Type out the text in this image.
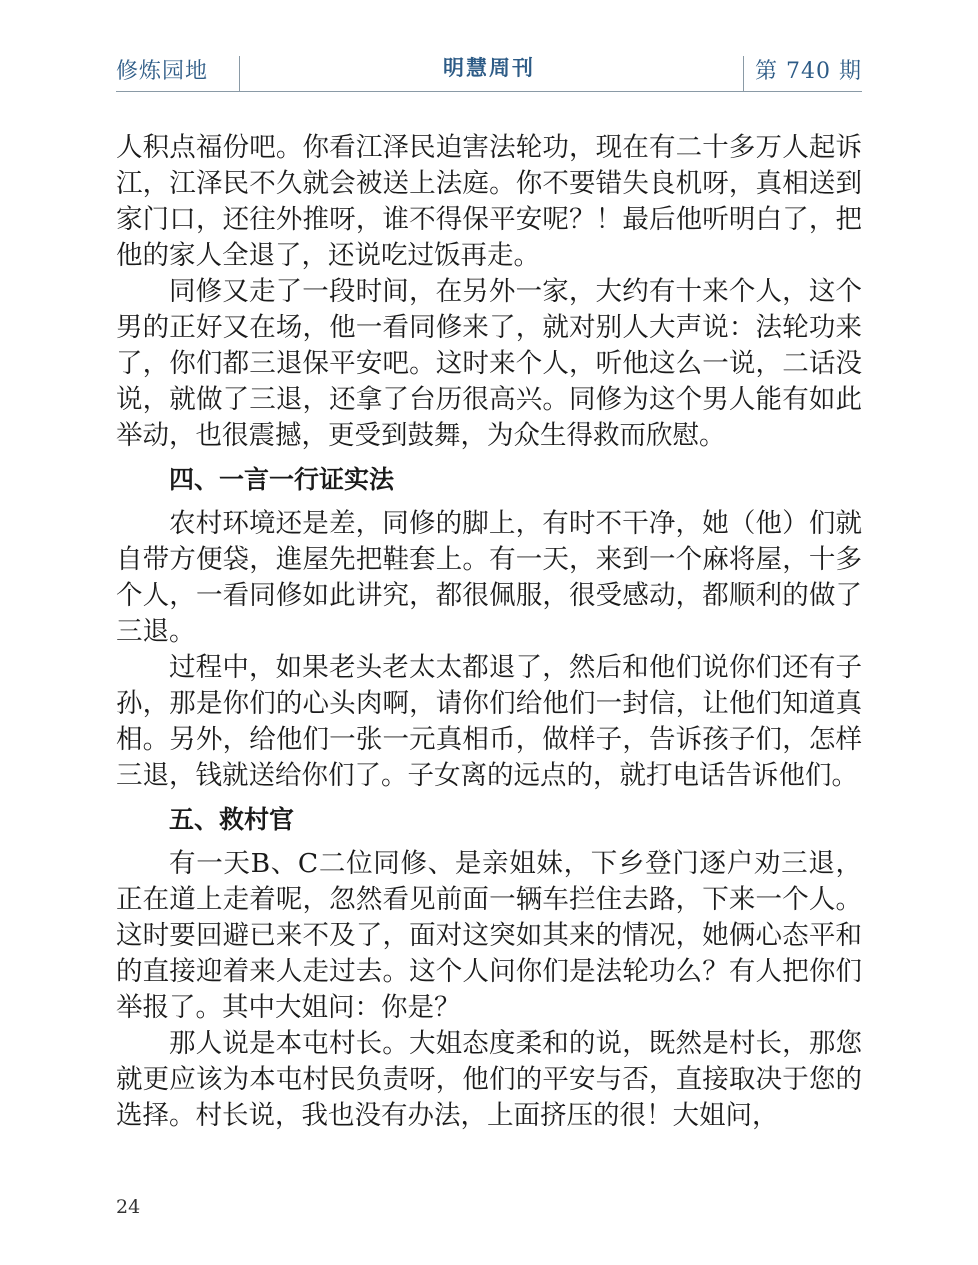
修炼园地	明慧周刊	第 740 期

人积点福份吧。你看江泽民迫害法轮功，现在有二十多万人起诉江，江泽民不久就会被送上法庭。你不要错失良机呀，真相送到家门口，还往外推呀，谁不得保平安呢？！最后他听明白了，把他的家人全退了，还说吃过饭再走。

同修又走了一段时间，在另外一家，大约有十来个人，这个男的正好又在场，他一看同修来了，就对别人大声说：法轮功来了，你们都三退保平安吧。这时来个人，听他这么一说，二话没说，就做了三退，还拿了台历很高兴。同修为这个男人能有如此举动，也很震撼，更受到鼓舞，为众生得救而欣慰。

四、一言一行证实法

农村环境还是差，同修的脚上，有时不干净，她（他）们就自带方便袋，進屋先把鞋套上。有一天，来到一个麻将屋，十多个人，一看同修如此讲究，都很佩服，很受感动，都顺利的做了三退。

过程中，如果老头老太太都退了，然后和他们说你们还有子孙，那是你们的心头肉啊，请你们给他们一封信，让他们知道真相。另外，给他们一张一元真相币，做样子，告诉孩子们，怎样三退，钱就送给你们了。子女离的远点的，就打电话告诉他们。

五、救村官

有一天B、C二位同修、是亲姐妹，下乡登门逐户劝三退，正在道上走着呢，忽然看见前面一辆车拦住去路，下来一个人。这时要回避已来不及了，面对这突如其来的情况，她俩心态平和的直接迎着来人走过去。这个人问你们是法轮功么？有人把你们举报了。其中大姐问：你是？

那人说是本屯村长。大姐态度柔和的说，既然是村长，那您就更应该为本屯村民负责呀，他们的平安与否，直接取决于您的选择。村长说，我也没有办法，上面挤压的很！大姐问，

24
